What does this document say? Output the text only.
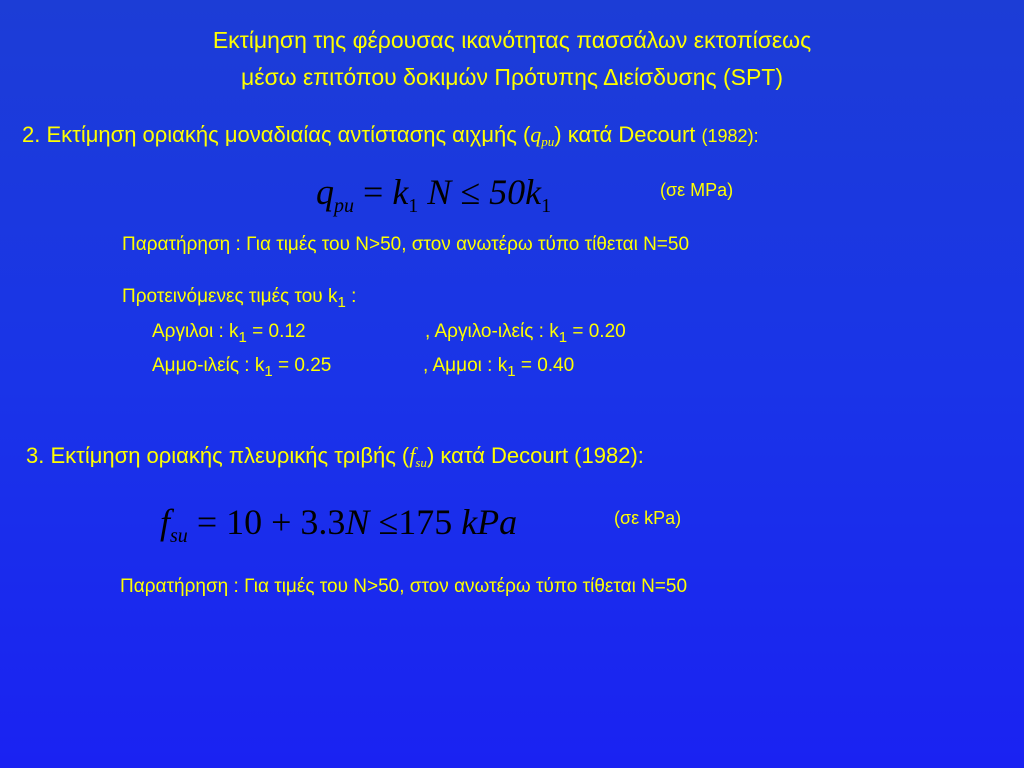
Εκτίμηση της φέρουσας ικανότητας πασσάλων εκτοπίσεως
μέσω επιτόπου δοκιμών Πρότυπης Διείσδυσης (SPT)
2. Εκτίμηση οριακής μοναδιαίας αντίστασης αιχμής $(q_{pu})$ κατά Decourt (1982):
$q_{pu} = k_1$ $N \le 50k_1$
(σε MPa)
Παρατήρηση : Για τιμές του N>50, στον ανωτέρω τύπο τίθεται N=50
Προτεινόμενες τιμές του $k_1$ :
Αργιλοι : $k_1 = 0.12$	, Αργιλο-ιλείς : $k_1 = 0.20$
Αμμο-ιλείς : $k_1 = 0.25$	, Αμμοι : $k_1 = 0.40$
3. Εκτίμηση οριακής πλευρικής τριβής $(f_{su})$ κατά Decourt (1982):
$f_{su} = 10 + 3.3N \le 175$ kPa	(σε kPa)
Παρατήρηση : Για τιμές του N>50, στον ανωτέρω τύπο τίθεται N=50
